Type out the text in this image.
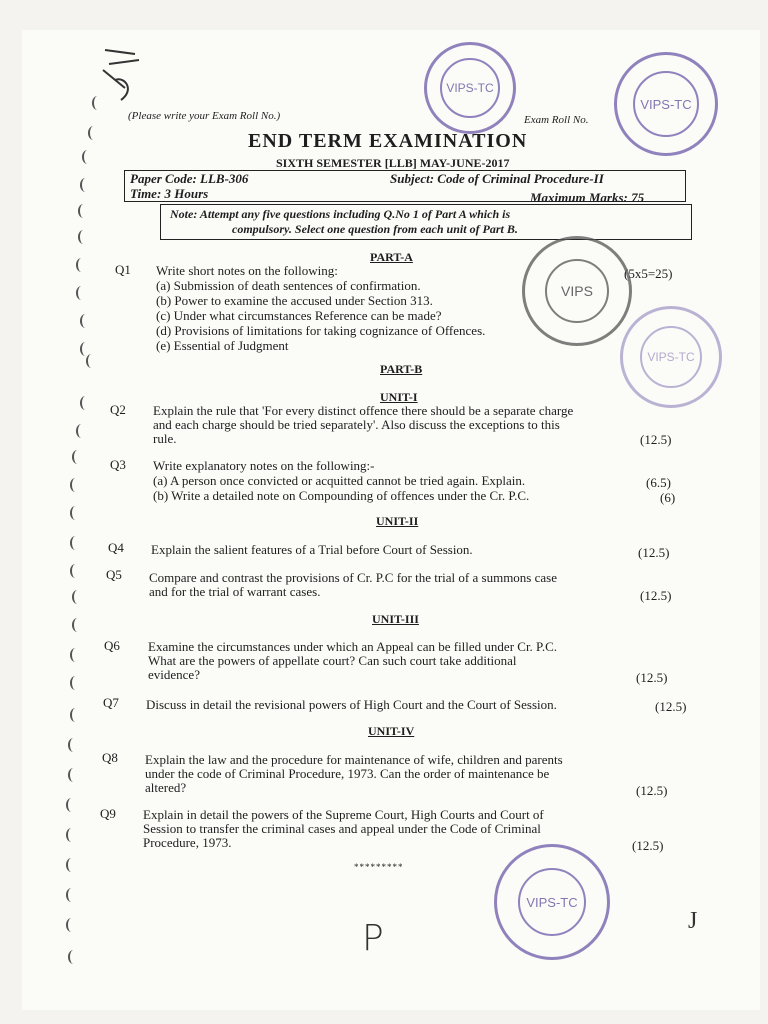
(Please write your Exam Roll No.)	Exam Roll No.
END TERM EXAMINATION
SIXTH SEMESTER [LLB] MAY-JUNE-2017
Paper Code: LLB-306	Subject: Code of Criminal Procedure-II
Time: 3 Hours	Maximum Marks: 75
Note: Attempt any five questions including Q.No 1 of Part A which is
compulsory. Select one question from each unit of Part B.
PART-A
Q1 Write short notes on the following:	(5x5=25)
(a) Submission of death sentences of confirmation.
(b) Power to examine the accused under Section 313.
(c) Under what circumstances Reference can be made?
(d) Provisions of limitations for taking cognizance of Offences.
(e) Essential of Judgment
PART-B
UNIT-I
Q2 Explain the rule that 'For every distinct offence there should be a separate charge
and each charge should be tried separately'. Also discuss the exceptions to this
rule.	(12.5)
Q3 Write explanatory notes on the following:-
(a) A person once convicted or acquitted cannot be tried again. Explain.	(6.5)
(b) Write a detailed note on Compounding of offences under the Cr. P.C.	(6)
UNIT-II
Q4 Explain the salient features of a Trial before Court of Session.	(12.5)
Q5 Compare and contrast the provisions of Cr. P.C for the trial of a summons case
and for the trial of warrant cases.	(12.5)
UNIT-III
Q6 Examine the circumstances under which an Appeal can be filled under Cr. P.C.
What are the powers of appellate court? Can such court take additional
evidence?	(12.5)
Q7 Discuss in detail the revisional powers of High Court and the Court of Session.	(12.5)
UNIT-IV
Q8 Explain the law and the procedure for maintenance of wife, children and parents
under the code of Criminal Procedure, 1973. Can the order of maintenance be
altered?	(12.5)
Q9 Explain in detail the powers of the Supreme Court, High Courts and Court of
Session to transfer the criminal cases and appeal under the Code of Criminal
Procedure, 1973.	(12.5)
*********
P	J
VIPS-TC
VIPS-TC
VIPS
VIPS-TC
VIPS-TC
